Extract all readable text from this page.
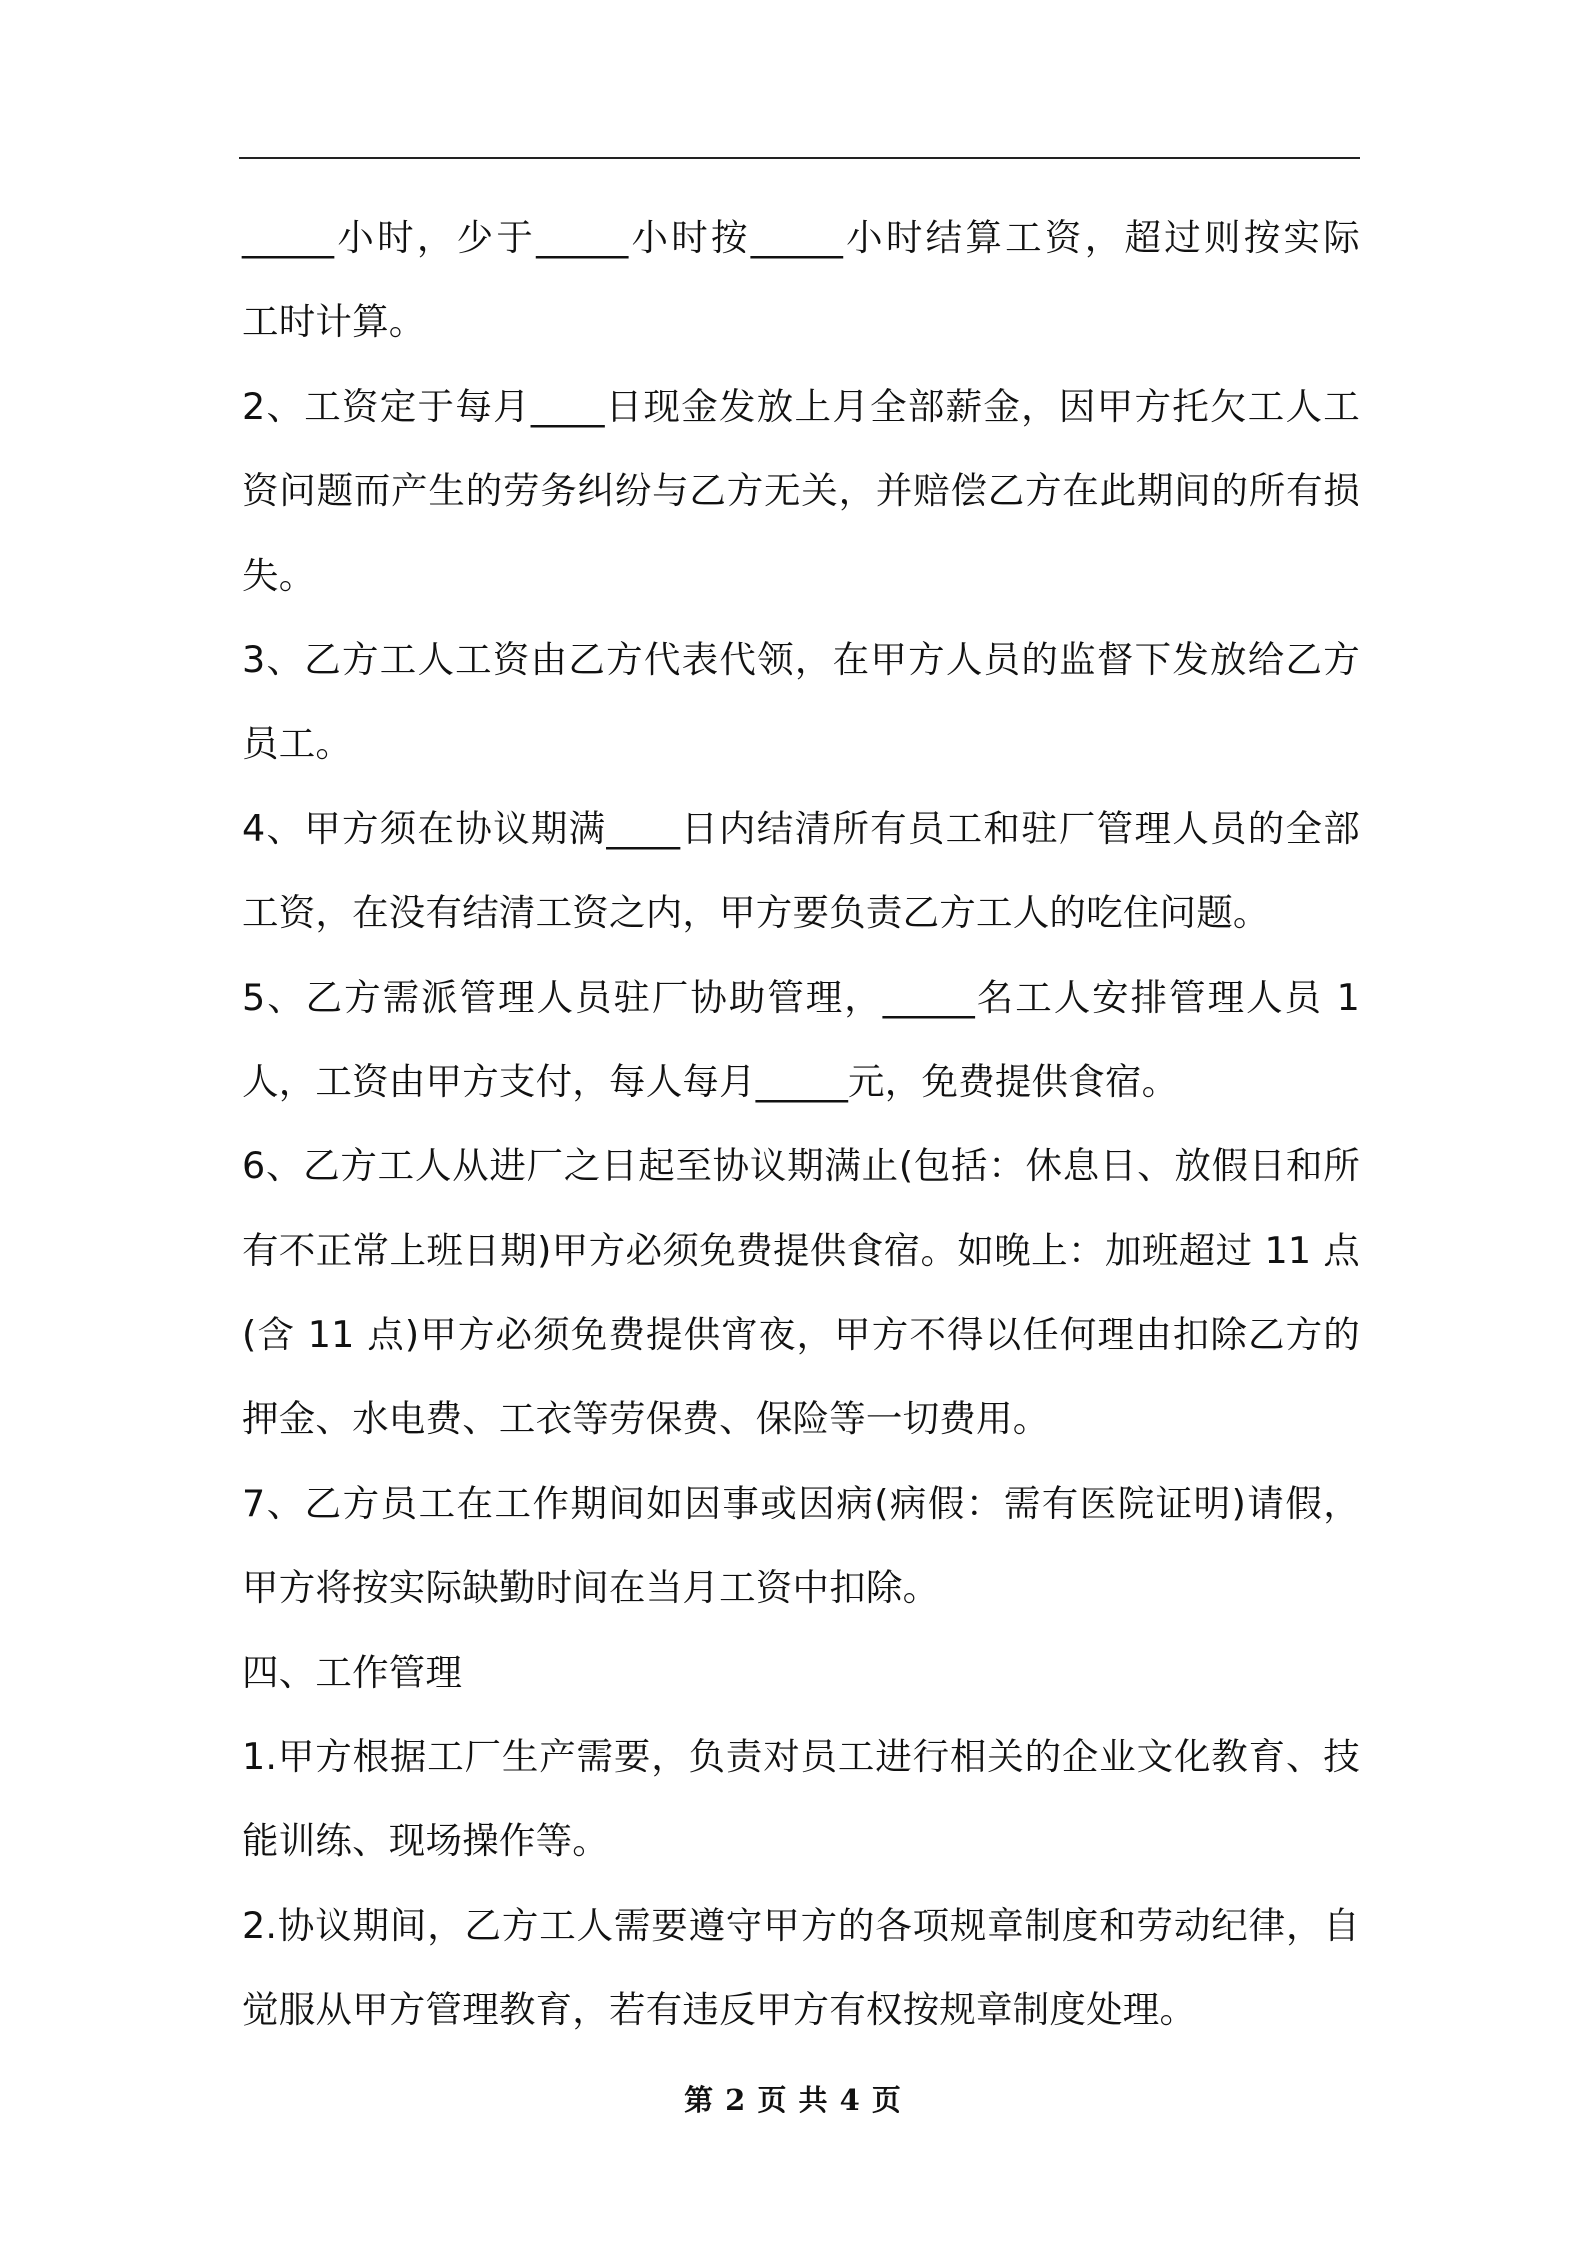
_____小时，少于_____小时按_____小时结算工资，超过则按实际
工时计算。
2、工资定于每月____日现金发放上月全部薪金，因甲方托欠工人工
资问题而产生的劳务纠纷与乙方无关，并赔偿乙方在此期间的所有损
失。
3、乙方工人工资由乙方代表代领，在甲方人员的监督下发放给乙方
员工。
4、甲方须在协议期满____日内结清所有员工和驻厂管理人员的全部
工资，在没有结清工资之内，甲方要负责乙方工人的吃住问题。
5、乙方需派管理人员驻厂协助管理，_____名工人安排管理人员 1
人，工资由甲方支付，每人每月_____元，免费提供食宿。
6、乙方工人从进厂之日起至协议期满止(包括：休息日、放假日和所
有不正常上班日期)甲方必须免费提供食宿。如晚上：加班超过 11 点
(含 11 点)甲方必须免费提供宵夜，甲方不得以任何理由扣除乙方的
押金、水电费、工衣等劳保费、保险等一切费用。
7、乙方员工在工作期间如因事或因病(病假：需有医院证明)请假，
甲方将按实际缺勤时间在当月工资中扣除。
四、工作管理
1.甲方根据工厂生产需要，负责对员工进行相关的企业文化教育、技
能训练、现场操作等。
2.协议期间，乙方工人需要遵守甲方的各项规章制度和劳动纪律，自
觉服从甲方管理教育，若有违反甲方有权按规章制度处理。
第 2 页 共 4 页
